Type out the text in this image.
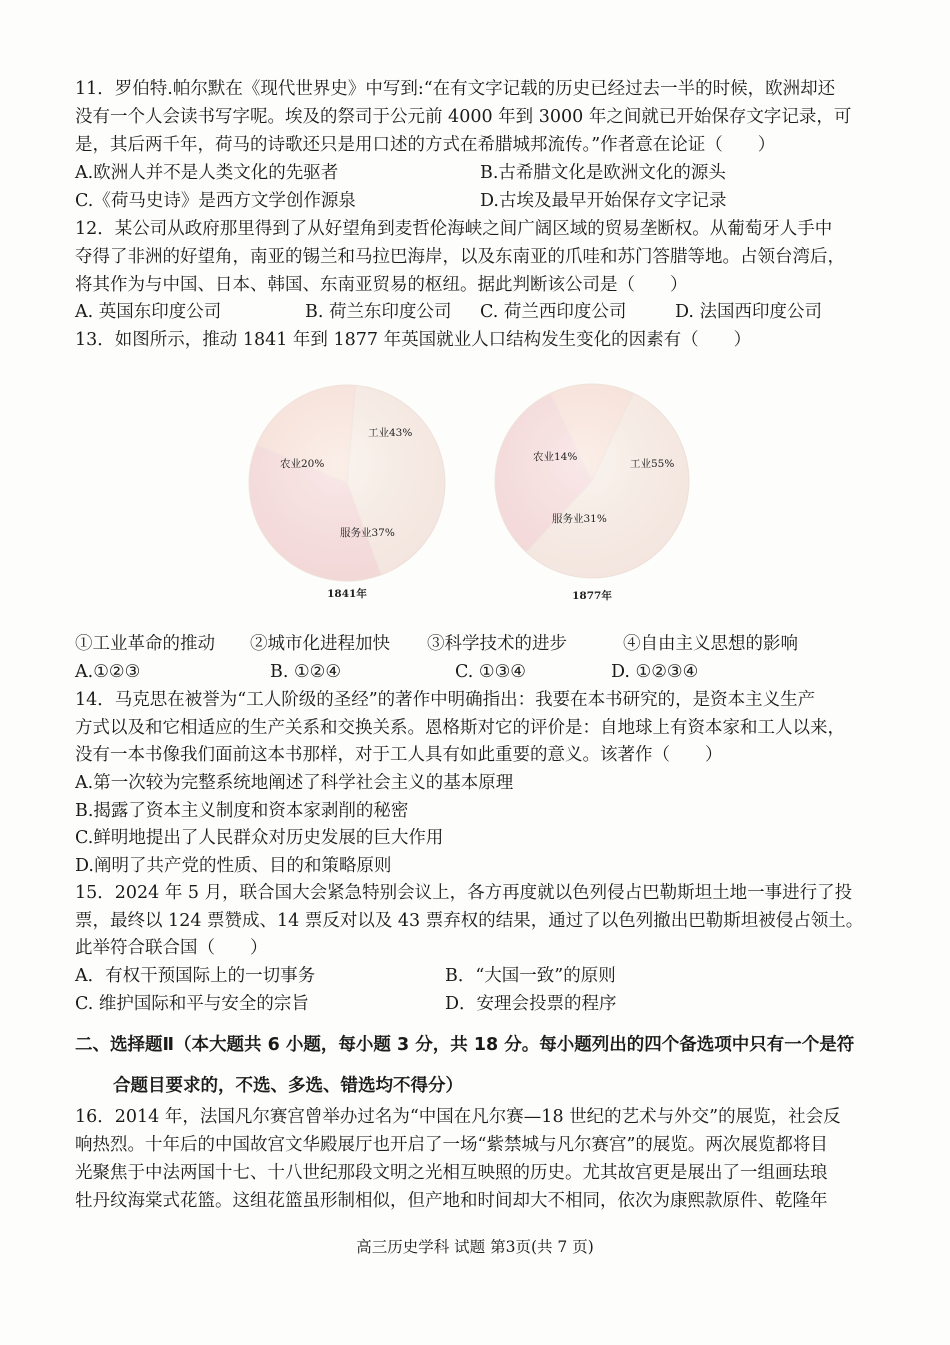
11．罗伯特.帕尔默在《现代世界史》中写到:“在有文字记载的历史已经过去一半的时候，欧洲却还
没有一个人会读书写字呢。埃及的祭司于公元前 4000 年到 3000 年之间就已开始保存文字记录，可
是，其后两千年，荷马的诗歌还只是用口述的方式在希腊城邦流传。”作者意在论证（　　）
A.欧洲人并不是人类文化的先驱者	B.古希腊文化是欧洲文化的源头
C.《荷马史诗》是西方文学创作源泉	D.古埃及最早开始保存文字记录
12．某公司从政府那里得到了从好望角到麦哲伦海峡之间广阔区域的贸易垄断权。从葡萄牙人手中
夺得了非洲的好望角，南亚的锡兰和马拉巴海岸，以及东南亚的爪哇和苏门答腊等地。占领台湾后，
将其作为与中国、日本、韩国、东南亚贸易的枢纽。据此判断该公司是（　　）
A. 英国东印度公司	B. 荷兰东印度公司 C. 荷兰西印度公司	D. 法国西印度公司
13．如图所示，推动 1841 年到 1877 年英国就业人口结构发生变化的因素有（　　）
工业43%
服务业37%
农业20%	工业55%
服务业31%
农业14%
1841年	1877年
①工业革命的推动 ②城市化进程加快 ③科学技术的进步	④自由主义思想的影响
A.①②③	B. ①②④	C. ①③④	D. ①②③④
14．马克思在被誉为“工人阶级的圣经”的著作中明确指出：我要在本书研究的，是资本主义生产
方式以及和它相适应的生产关系和交换关系。恩格斯对它的评价是：自地球上有资本家和工人以来，
没有一本书像我们面前这本书那样，对于工人具有如此重要的意义。该著作（　　）
A.第一次较为完整系统地阐述了科学社会主义的基本原理
B.揭露了资本主义制度和资本家剥削的秘密
C.鲜明地提出了人民群众对历史发展的巨大作用
D.阐明了共产党的性质、目的和策略原则
15．2024 年 5 月，联合国大会紧急特别会议上，各方再度就以色列侵占巴勒斯坦土地一事进行了投
票，最终以 124 票赞成、14 票反对以及 43 票弃权的结果，通过了以色列撤出巴勒斯坦被侵占领土。
此举符合联合国（　　）
A．有权干预国际上的一切事务	B．“大国一致”的原则
C. 维护国际和平与安全的宗旨	D．安理会投票的程序
二、选择题Ⅱ（本大题共 6 小题，每小题 3 分，共 18 分。每小题列出的四个备选项中只有一个是符
合题目要求的，不选、多选、错选均不得分）
16．2014 年，法国凡尔赛宫曾举办过名为“中国在凡尔赛—18 世纪的艺术与外交”的展览，社会反
响热烈。十年后的中国故宫文华殿展厅也开启了一场“紫禁城与凡尔赛宫”的展览。两次展览都将目
光聚焦于中法两国十七、十八世纪那段文明之光相互映照的历史。尤其故宫更是展出了一组画珐琅
牡丹纹海棠式花篮。这组花篮虽形制相似，但产地和时间却大不相同，依次为康熙款原件、乾隆年
高三历史学科 试题 第3页(共 7 页)
